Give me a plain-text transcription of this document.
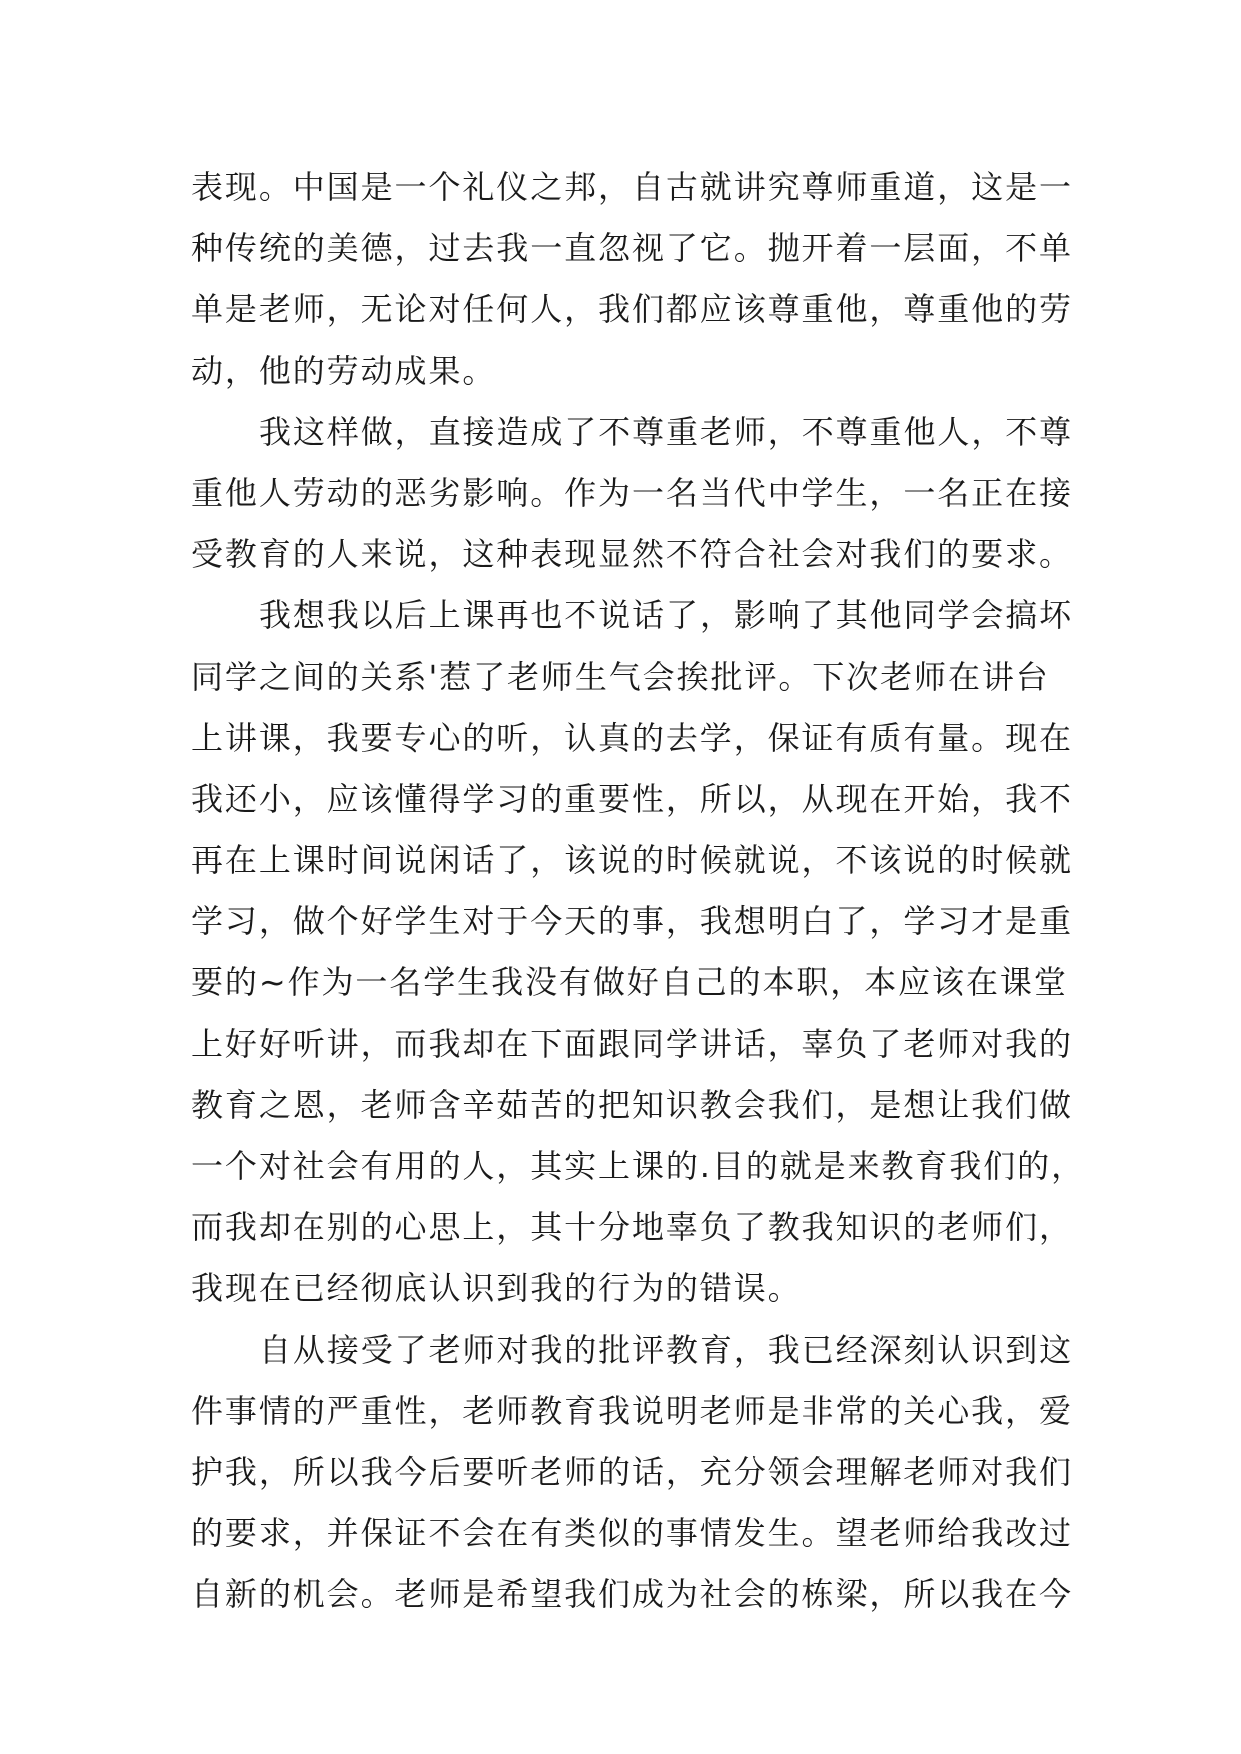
表现。中国是一个礼仪之邦，自古就讲究尊师重道，这是一
种传统的美德，过去我一直忽视了它。抛开着一层面，不单
单是老师，无论对任何人，我们都应该尊重他，尊重他的劳
动，他的劳动成果。
我这样做，直接造成了不尊重老师，不尊重他人，不尊
重他人劳动的恶劣影响。作为一名当代中学生，一名正在接
受教育的人来说，这种表现显然不符合社会对我们的要求。
我想我以后上课再也不说话了，影响了其他同学会搞坏
同学之间的关系'惹了老师生气会挨批评。下次老师在讲台
上讲课，我要专心的听，认真的去学，保证有质有量。现在
我还小，应该懂得学习的重要性，所以，从现在开始，我不
再在上课时间说闲话了，该说的时候就说，不该说的时候就
学习，做个好学生对于今天的事，我想明白了，学习才是重
要的~作为一名学生我没有做好自己的本职，本应该在课堂
上好好听讲，而我却在下面跟同学讲话，辜负了老师对我的
教育之恩，老师含辛茹苦的把知识教会我们，是想让我们做
一个对社会有用的人，其实上课的.目的就是来教育我们的，
而我却在别的心思上，其十分地辜负了教我知识的老师们，
我现在已经彻底认识到我的行为的错误。
自从接受了老师对我的批评教育，我已经深刻认识到这
件事情的严重性，老师教育我说明老师是非常的关心我，爱
护我，所以我今后要听老师的话，充分领会理解老师对我们
的要求，并保证不会在有类似的事情发生。望老师给我改过
自新的机会。老师是希望我们成为社会的栋梁，所以我在今
